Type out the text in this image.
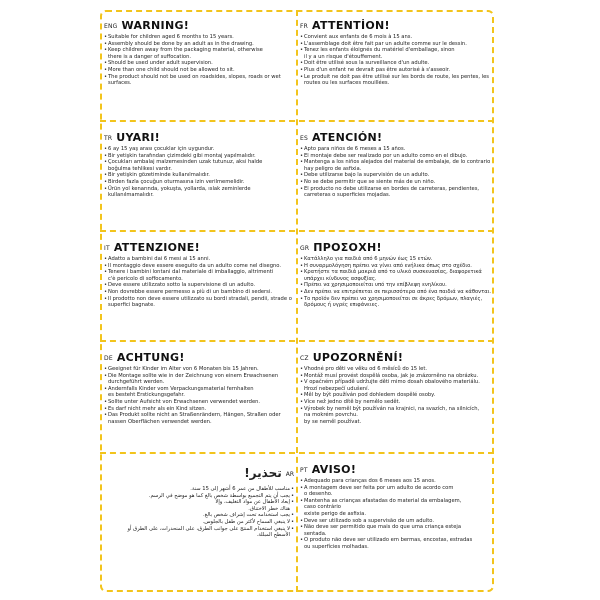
ENG WARNING!
• Suitable for children aged 6 months to 15 years.
• Assembly should be done by an adult as in the drawing.
• Keep children away from the packaging material, otherwise
there is a danger of suffocation.
• Should be used under adult supervision.
• More than one child should not be allowed to sit.
• The product should not be used on roadsides, slopes, roads or wet
surfaces.
FR ATTENTİON!
• Convient aux enfants de 6 mois à 15 ans.
• L'assemblage doit être fait par un adulte comme sur le dessin.
• Tenez les enfants éloignés du matériel d'emballage, sinon
il y a un risque d'étouffement.
• Doit être utilisé sous la surveillance d'un adulte.
• Plus d'un enfant ne devrait pas être autorisé à s'asseoir.
• Le produit ne doit pas être utilisé sur les bords de route, les pentes, les
routes ou les surfaces mouillées.
TR UYARI!
• 6 ay 15 yaş arası çocuklar için uygundur.
• Bir yetişkin tarafından çizimdeki gibi montaj yapılmalıdır.
• Çocukları ambalaj malzemesinden uzak tutunuz, aksi halde
boğulma tehlikesi vardır.
• Bir yetişkin gözetiminde kullanılmalıdır.
• Birden fazla çocuğun oturmasına izin verilmemelidir.
• Ürün yol kenarında, yokuşta, yollarda, ıslak zeminlerde
kullanılmamalıdır.
ES ATENCIÓN!
• Apto para niños de 6 meses a 15 años.
• El montaje debe ser realizado por un adulto como en el dibujo.
• Mantenga a los niños alejados del material de embalaje, de lo contrario
hay peligro de asfixia.
• Debe utilizarse bajo la supervisión de un adulto.
• No se debe permitir que se siente más de un niño.
• El producto no debe utilizarse en bordes de carreteras, pendientes,
carreteras o superficies mojadas.
IT ATTENZIONE!
• Adatto a bambini dai 6 mesi ai 15 anni.
• Il montaggio deve essere eseguito da un adulto come nel disegno.
• Tenere i bambini lontani dal materiale di imballaggio, altrimenti
c'è pericolo di soffocamento.
• Deve essere utilizzato sotto la supervisione di un adulto.
• Non dovrebbe essere permesso a più di un bambino di sedersi.
• Il prodotto non deve essere utilizzato su bordi stradali, pendii, strade o
superfici bagnate.
GR ΠΡΟΣΟΧΗ!
• Κατάλληλο για παιδιά από 6 μηνών έως 15 ετών.
• Η συναρμολόγηση πρέπει να γίνει από ενήλικα όπως στο σχέδιο.
• Κρατήστε τα παιδιά μακριά από το υλικό συσκευασίας, διαφορετικά
υπάρχει κίνδυνος ασφυξίας.
• Πρέπει να χρησιμοποιείται υπό την επίβλεψη ενηλίκου.
• Δεν πρέπει να επιτρέπεται σε περισσότερα από ένα παιδιά να κάθονται.
• Το προϊόν δεν πρέπει να χρησιμοποιείται σε άκρες δρόμων, πλαγιές,
δρόμους ή υγρές επιφάνειες.
DE ACHTUNG!
• Geeignet für Kinder im Alter von 6 Monaten bis 15 Jahren.
• Die Montage sollte wie in der Zeichnung von einem Erwachsenen
durchgeführt werden.
• Andernfalls Kinder vom Verpackungsmaterial fernhalten
es besteht Erstickungsgefahr.
• Sollte unter Aufsicht von Erwachsenen verwendet werden.
• Es darf nicht mehr als ein Kind sitzen.
• Das Produkt sollte nicht an Straßenrändern, Hängen, Straßen oder
nassen Oberflächen verwendet werden.
CZ UPOZORNĚNÍ!
• Vhodné pro děti ve věku od 6 měsíců do 15 let.
• Montáž musí provést dospělá osoba, jak je znázorněno na obrázku.
• V opačném případě udržujte děti mimo dosah obalového materiálu.
Hrozí nebezpečí udušení.
• Měl by být používán pod dohledem dospělé osoby.
• Více než jedno dítě by nemělo sedět.
• Výrobek by neměl být používán na krajnici, na svazích, na silnicích,
na mokrém povrchu.
by se neměl používat.
AR
تحذير!
• مناسب للأطفال من عمر 6 أشهر إلى 15 سنة.
• يجب أن يتم التجميع بواسطة شخص بالغ كما هو موضح في الرسم.
• إبعاد الأطفال عن مواد التغليف، وإلا
هناك خطر الاختناق.
• يجب استخدامه تحت إشراف شخص بالغ.
• لا ينبغي السماح لأكثر من طفل بالجلوس.
• لا ينبغي استخدام المنتج على جوانب الطرق، على المنحدرات، على الطرق أو
الأسطح المبللة.
PT AVISO!
• Adequado para crianças dos 6 meses aos 15 anos.
• A montagem deve ser feita por um adulto de acordo com
o desenho.
• Mantenha as crianças afastadas do material da embalagem,
caso contrário
existe perigo de asfixia.
• Deve ser utilizado sob a supervisão de um adulto.
• Não deve ser permitido que mais do que uma criança esteja
sentada.
• O produto não deve ser utilizado em bermas, encostas, estradas
ou superfícies molhadas.
